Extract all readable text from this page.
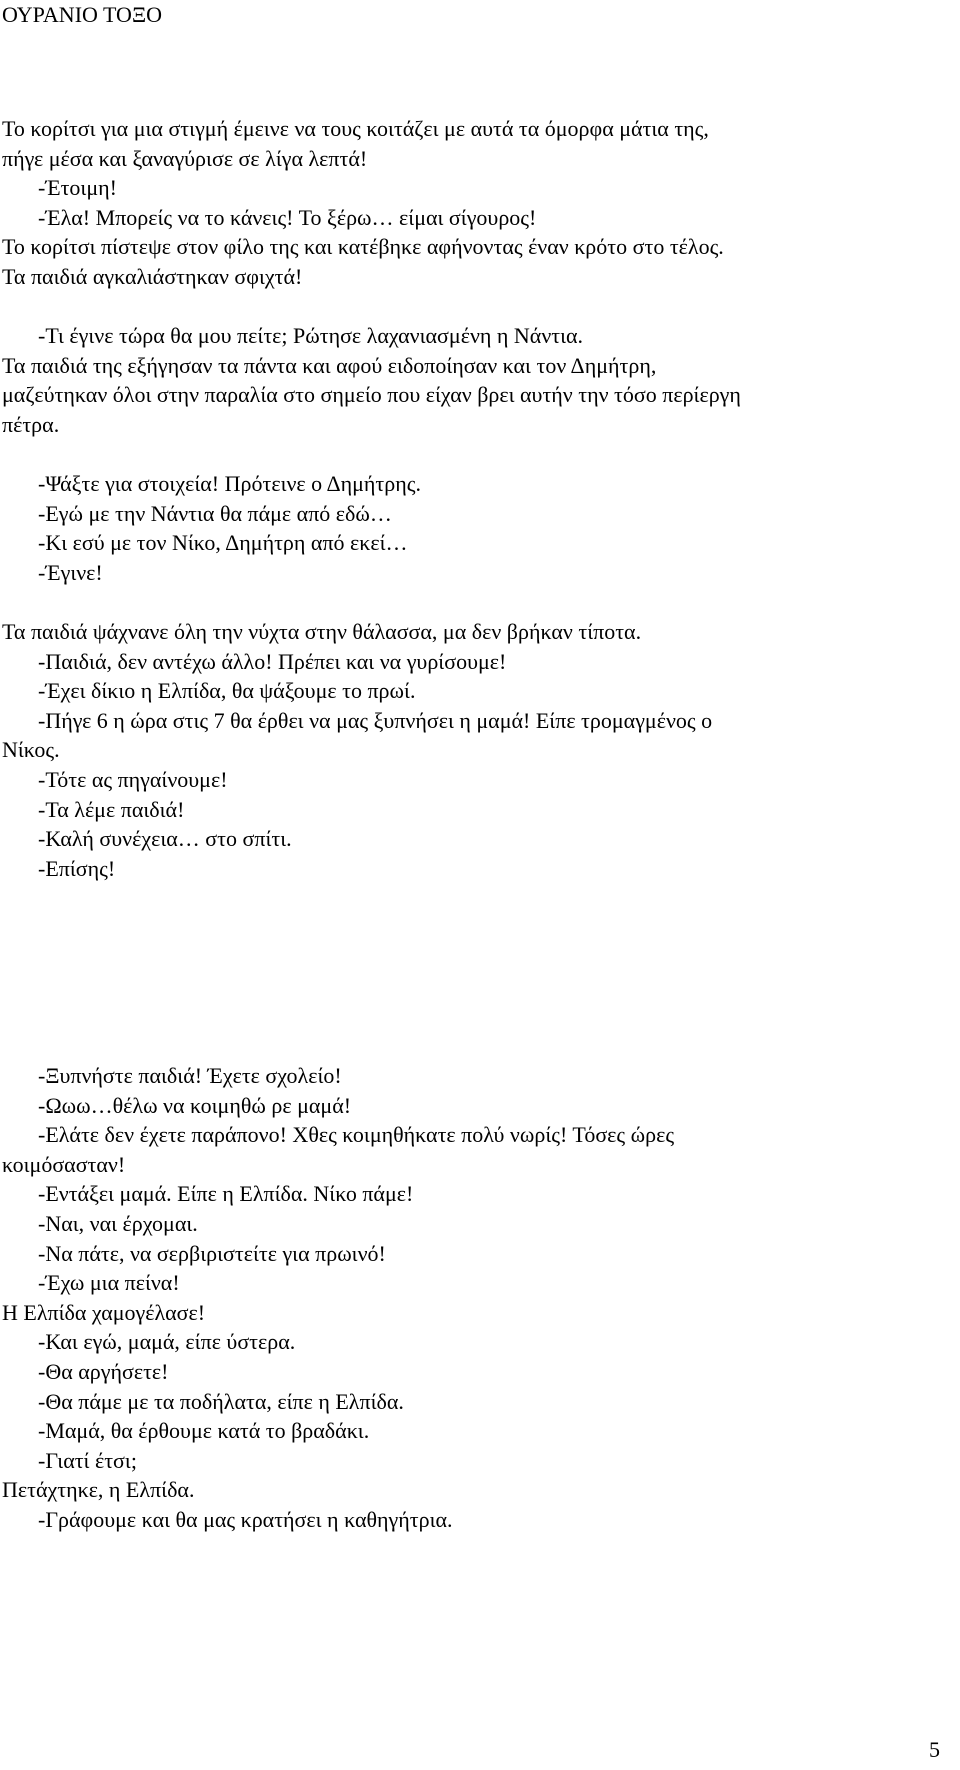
ΟΥΡΑΝΙΟ ΤΟΞΟ
Το κορίτσι για μια στιγμή έμεινε να τους κοιτάζει με αυτά τα όμορφα μάτια της,
πήγε μέσα και ξαναγύρισε σε λίγα λεπτά!
-Έτοιμη!
-Έλα! Μπορείς να το κάνεις! Το ξέρω… είμαι σίγουρος!
Το κορίτσι πίστεψε στον φίλο της και κατέβηκε αφήνοντας έναν κρότο στο τέλος.
Τα παιδιά αγκαλιάστηκαν σφιχτά!
-Τι έγινε τώρα θα μου πείτε; Ρώτησε λαχανιασμένη η Νάντια.
Τα παιδιά της εξήγησαν τα πάντα και αφού ειδοποίησαν και τον Δημήτρη,
μαζεύτηκαν όλοι στην παραλία στο σημείο που είχαν βρει αυτήν την τόσο περίεργη
πέτρα.
-Ψάξτε για στοιχεία! Πρότεινε ο Δημήτρης.
-Εγώ με την Νάντια θα πάμε από εδώ…
-Κι εσύ με τον Νίκο, Δημήτρη από εκεί…
-Έγινε!
Τα παιδιά ψάχνανε όλη την νύχτα στην θάλασσα, μα δεν βρήκαν τίποτα.
-Παιδιά, δεν αντέχω άλλο! Πρέπει και να γυρίσουμε!
-Έχει δίκιο η Ελπίδα, θα ψάξουμε το πρωί.
-Πήγε 6 η ώρα στις 7 θα έρθει να μας ξυπνήσει η μαμά! Είπε τρομαγμένος ο
Νίκος.
-Τότε ας πηγαίνουμε!
-Τα λέμε παιδιά!
-Καλή συνέχεια… στο σπίτι.
-Επίσης!
-Ξυπνήστε παιδιά! Έχετε σχολείο!
-Ωωω…θέλω να κοιμηθώ ρε μαμά!
-Ελάτε δεν έχετε παράπονο! Χθες κοιμηθήκατε πολύ νωρίς! Τόσες ώρες
κοιμόσασταν!
-Εντάξει μαμά. Είπε η Ελπίδα. Νίκο πάμε!
-Ναι, ναι έρχομαι.
-Να πάτε, να σερβιριστείτε για πρωινό!
-Έχω μια πείνα!
Η Ελπίδα χαμογέλασε!
-Και εγώ, μαμά, είπε ύστερα.
-Θα αργήσετε!
-Θα πάμε με τα ποδήλατα, είπε η Ελπίδα.
-Μαμά, θα έρθουμε κατά το βραδάκι.
-Γιατί έτσι;
Πετάχτηκε, η Ελπίδα.
-Γράφουμε και θα μας κρατήσει η καθηγήτρια.
5
